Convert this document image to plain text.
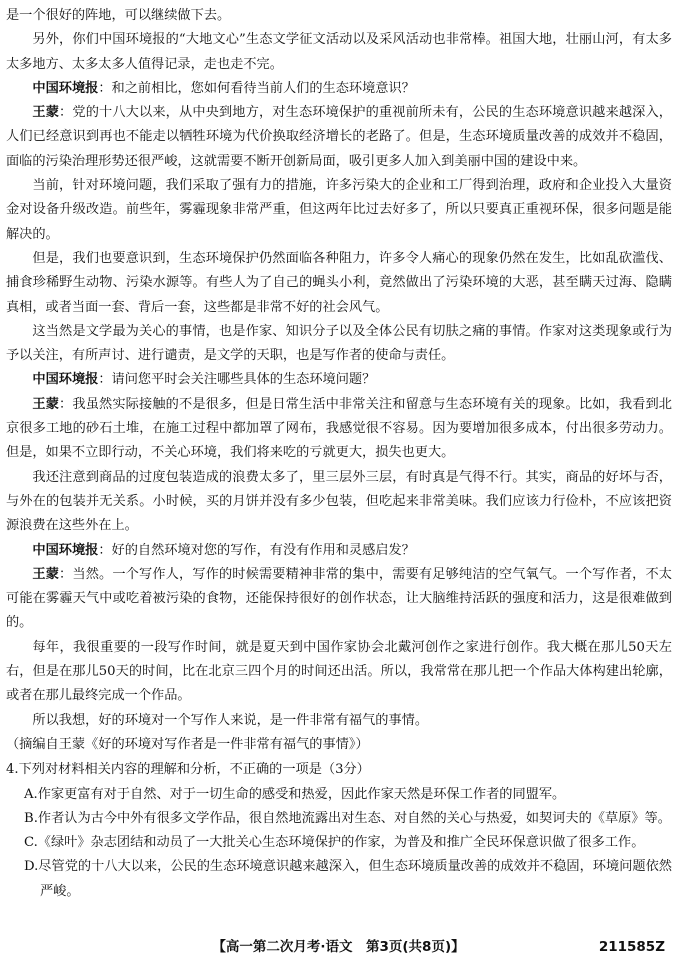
是一个很好的阵地，可以继续做下去。

另外，你们中国环境报的“大地文心”生态文学征文活动以及采风活动也非常棒。祖国大地，壮丽山河，有太多太多地方、太多太多人值得记录，走也走不完。

中国环境报：和之前相比，您如何看待当前人们的生态环境意识？

王蒙：党的十八大以来，从中央到地方，对生态环境保护的重视前所未有，公民的生态环境意识越来越深入，人们已经意识到再也不能走以牺牲环境为代价换取经济增长的老路了。但是，生态环境质量改善的成效并不稳固，面临的污染治理形势还很严峻，这就需要不断开创新局面，吸引更多人加入到美丽中国的建设中来。

当前，针对环境问题，我们采取了强有力的措施，许多污染大的企业和工厂得到治理，政府和企业投入大量资金对设备升级改造。前些年，雾霾现象非常严重，但这两年比过去好多了，所以只要真正重视环保，很多问题是能解决的。

但是，我们也要意识到，生态环境保护仍然面临各种阻力，许多令人痛心的现象仍然在发生，比如乱砍滥伐、捕食珍稀野生动物、污染水源等。有些人为了自己的蝇头小利，竟然做出了污染环境的大恶，甚至瞒天过海、隐瞒真相，或者当面一套、背后一套，这些都是非常不好的社会风气。

这当然是文学最为关心的事情，也是作家、知识分子以及全体公民有切肤之痛的事情。作家对这类现象或行为予以关注，有所声讨、进行谴责，是文学的天职，也是写作者的使命与责任。

中国环境报：请问您平时会关注哪些具体的生态环境问题？

王蒙：我虽然实际接触的不是很多，但是日常生活中非常关注和留意与生态环境有关的现象。比如，我看到北京很多工地的砂石土堆，在施工过程中都加罩了网布，我感觉很不容易。因为要增加很多成本，付出很多劳动力。但是，如果不立即行动，不关心环境，我们将来吃的亏就更大，损失也更大。

我还注意到商品的过度包装造成的浪费太多了，里三层外三层，有时真是气得不行。其实，商品的好坏与否，与外在的包装并无关系。小时候，买的月饼并没有多少包装，但吃起来非常美味。我们应该力行俭朴，不应该把资源浪费在这些外在上。

中国环境报：好的自然环境对您的写作，有没有作用和灵感启发？

王蒙：当然。一个写作人，写作的时候需要精神非常的集中，需要有足够纯洁的空气氧气。一个写作者，不太可能在雾霾天气中或吃着被污染的食物，还能保持很好的创作状态，让大脑维持活跃的强度和活力，这是很难做到的。

每年，我很重要的一段写作时间，就是夏天到中国作家协会北戴河创作之家进行创作。我大概在那儿50天左右，但是在那儿50天的时间，比在北京三四个月的时间还出活。所以，我常常在那儿把一个作品大体构建出轮廓，或者在那儿最终完成一个作品。

所以我想，好的环境对一个写作人来说，是一件非常有福气的事情。

（摘编自王蒙《好的环境对写作者是一件非常有福气的事情》）

4.下列对材料相关内容的理解和分析，不正确的一项是（3分）

A.作家更富有对于自然、对于一切生命的感受和热爱，因此作家天然是环保工作者的同盟军。

B.作者认为古今中外有很多文学作品，很自然地流露出对生态、对自然的关心与热爱，如契诃夫的《草原》等。

C.《绿叶》杂志团结和动员了一大批关心生态环境保护的作家，为普及和推广全民环保意识做了很多工作。

D.尽管党的十八大以来，公民的生态环境意识越来越深入，但生态环境质量改善的成效并不稳固，环境问题依然严峻。

【高一第二次月考·语文　第3页(共8页)】	211585Z
